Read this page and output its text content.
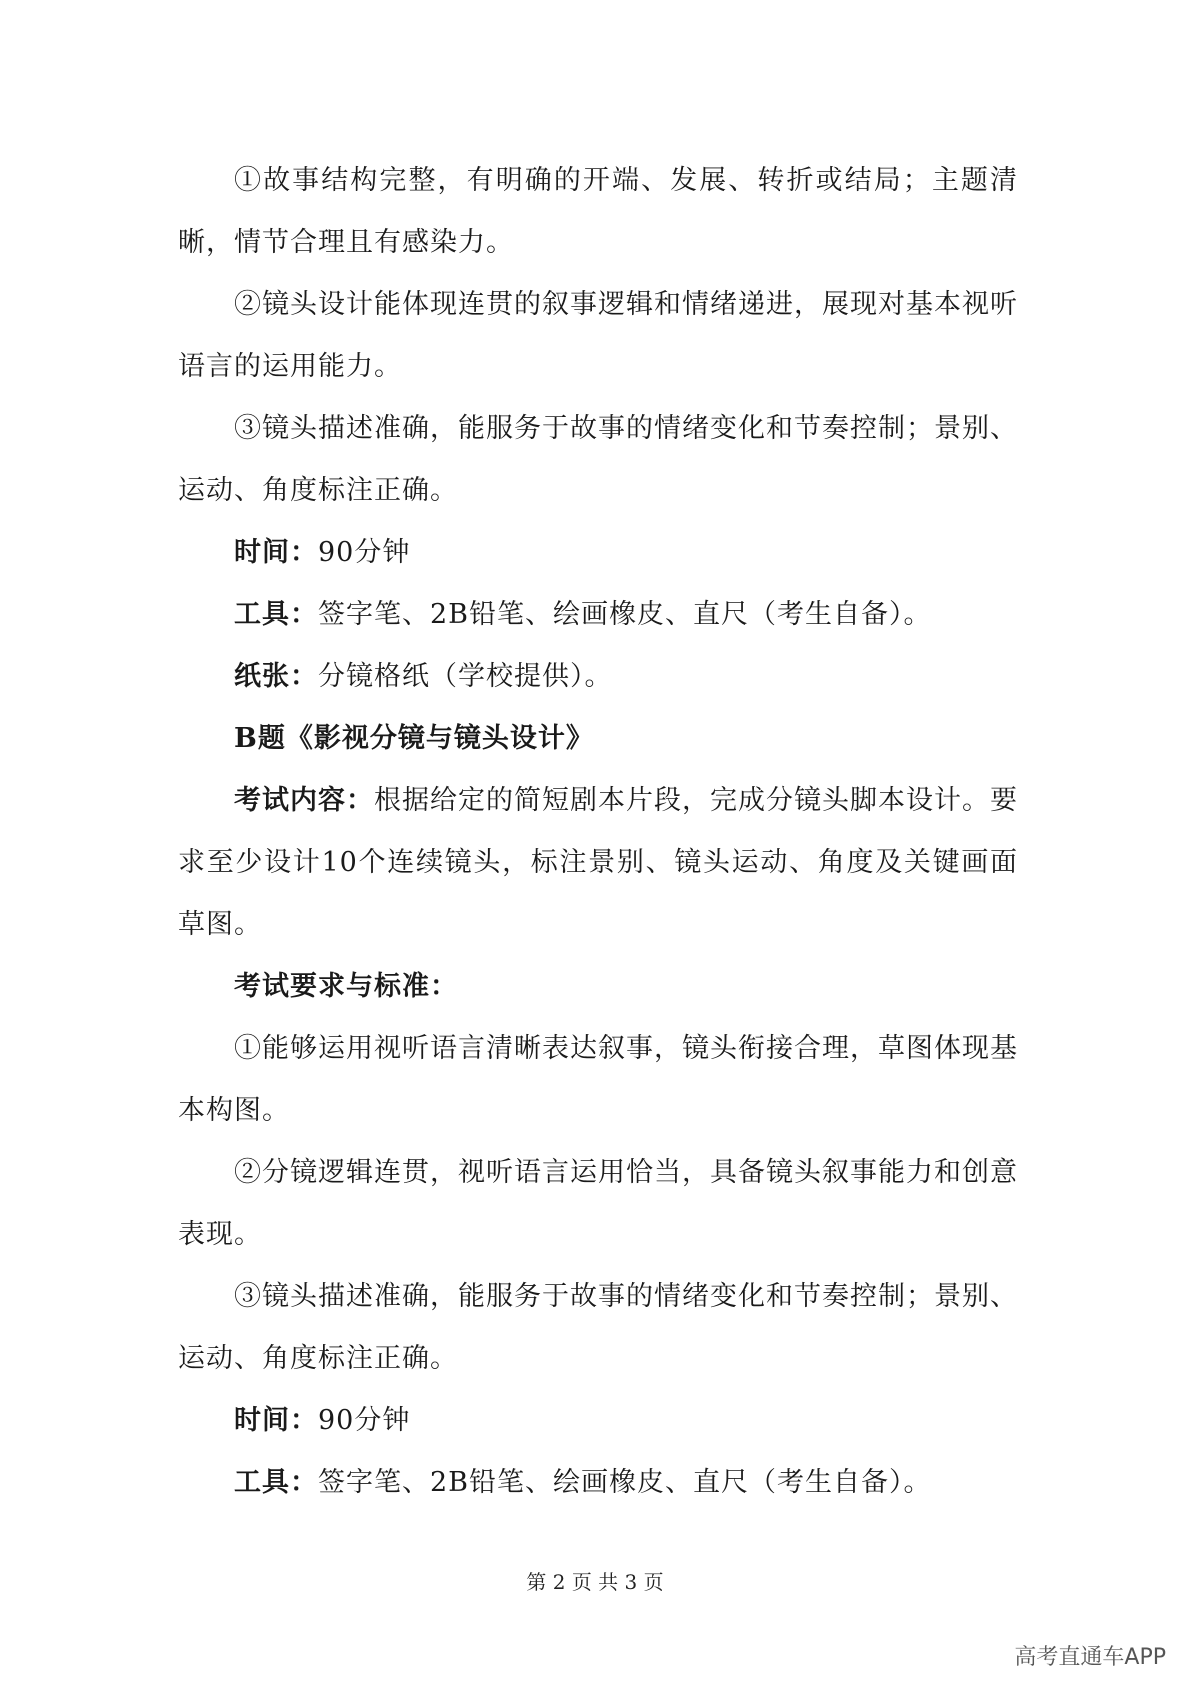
①故事结构完整，有明确的开端、发展、转折或结局；主题清晰，情节合理且有感染力。

②镜头设计能体现连贯的叙事逻辑和情绪递进，展现对基本视听语言的运用能力。

③镜头描述准确，能服务于故事的情绪变化和节奏控制；景别、运动、角度标注正确。

时间：90分钟

工具：签字笔、2B铅笔、绘画橡皮、直尺（考生自备）。

纸张：分镜格纸（学校提供）。

B题《影视分镜与镜头设计》

考试内容：根据给定的简短剧本片段，完成分镜头脚本设计。要求至少设计10个连续镜头，标注景别、镜头运动、角度及关键画面草图。

考试要求与标准：

①能够运用视听语言清晰表达叙事，镜头衔接合理，草图体现基本构图。

②分镜逻辑连贯，视听语言运用恰当，具备镜头叙事能力和创意表现。

③镜头描述准确，能服务于故事的情绪变化和节奏控制；景别、运动、角度标注正确。

时间：90分钟

工具：签字笔、2B铅笔、绘画橡皮、直尺（考生自备）。

第 2 页 共 3 页
高考直通车APP
